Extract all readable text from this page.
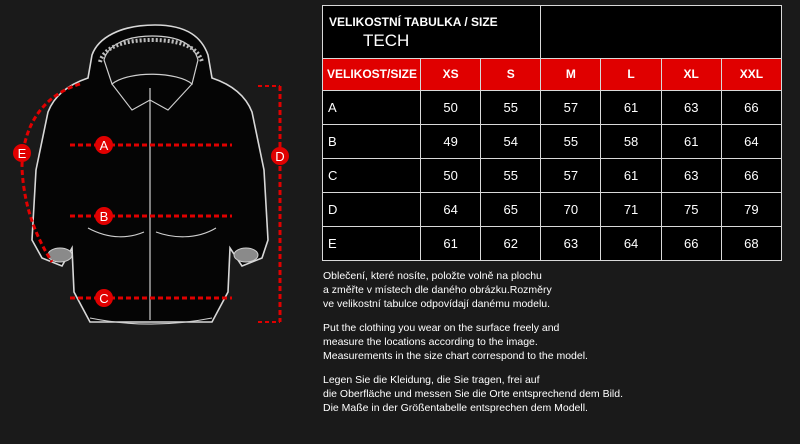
A
B
C
D
E
VELIKOSTNÍ TABULKA / SIZE TECH						
VELIKOST/SIZE	XS	S	M	L	XL	XXL
A	50	55	57	61	63	66
B	49	54	55	58	61	64
C	50	55	57	61	63	66
D	64	65	70	71	75	79
E	61	62	63	64	66	68

Oblečení, které nosíte, položte volně na plochu

a změřte v místech dle daného obrázku.Rozměry

ve velikostní tabulce odpovídají danému modelu.

Put the clothing you wear on the surface freely and

measure the locations according to the image.

Measurements in the size chart correspond to the model.

Legen Sie die Kleidung, die Sie tragen, frei auf

die Oberfläche und messen Sie die Orte entsprechend dem Bild.

Die Maße in der Größentabelle entsprechen dem Modell.
